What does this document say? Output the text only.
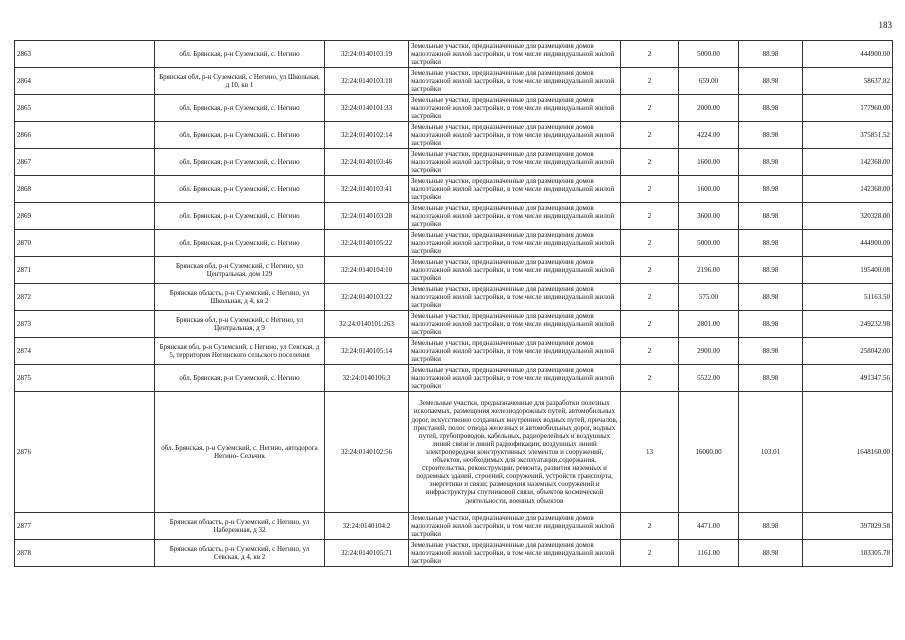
183
2863	обл. Брянская, р-н Суземский, с. Негино	32:24:0140103:19	Земельные участки, предназначенные для размещения домов малоэтажной жилой застройки, в том числе индивидуальной жилой застройки	2	5000.00	88.98	444900.00
2864	Брянская обл, р-н Суземский, с Негино, ул Школьная, д 10, кв 1	32:24:0140103:18	Земельные участки, предназначенные для размещения домов малоэтажной жилой застройки, в том числе индивидуальной жилой застройки	2	659.00	88.98	58637.82
2865	обл. Брянская, р-н Суземский, с. Негино	32:24:0140101:33	Земельные участки, предназначенные для размещения домов малоэтажной жилой застройки, в том числе индивидуальной жилой застройки	2	2000.00	88.98	177960.00
2866	обл. Брянская, р-н Суземский, с. Негино	32:24:0140102:14	Земельные участки, предназначенные для размещения домов малоэтажной жилой застройки, в том числе индивидуальной жилой застройки	2	4224.00	88.98	375851.52
2867	обл. Брянская, р-н Суземский, с. Негино	32:24:0140103:46	Земельные участки, предназначенные для размещения домов малоэтажной жилой застройки, в том числе индивидуальной жилой застройки	2	1600.00	88.98	142368.00
2868	обл. Брянская, р-н Суземский, с. Негино	32:24:0140103:41	Земельные участки, предназначенные для размещения домов малоэтажной жилой застройки, в том числе индивидуальной жилой застройки	2	1600.00	88.98	142368.00
2869	обл. Брянская, р-н Суземский, с. Негино	32:24:0140103:28	Земельные участки, предназначенные для размещения домов малоэтажной жилой застройки, в том числе индивидуальной жилой застройки	2	3600.00	88.98	320328.00
2870	обл. Брянская, р-н Суземский, с. Негино	32:24:0140105:22	Земельные участки, предназначенные для размещения домов малоэтажной жилой застройки, в том числе индивидуальной жилой застройки	2	5000.00	88.98	444900.00
2871	Брянская обл, р-н Суземский, с Негино, ул Центральная, дом 129	32:24:0140104:10	Земельные участки, предназначенные для размещения домов малоэтажной жилой застройки, в том числе индивидуальной жилой застройки	2	2196.00	88.98	195400.08
2872	Брянская область, р-н Суземский, с Негино, ул Школьная, д 4, кв 2	32:24:0140103:22	Земельные участки, предназначенные для размещения домов малоэтажной жилой застройки, в том числе индивидуальной жилой застройки	2	575.00	88.98	51163.50
2873	Брянская обл, р-н Суземский, с Негино, ул Центральная, д 9	32:24:0140101:263	Земельные участки, предназначенные для размещения домов малоэтажной жилой застройки, в том числе индивидуальной жилой застройки	2	2801.00	88.98	249232.98
2874	Брянская обл, р-н Суземский, с Негино, ул Севская, д 5, территория Негинского сельского поселения	32:24:0140105:14	Земельные участки, предназначенные для размещения домов малоэтажной жилой застройки, в том числе индивидуальной жилой застройки	2	2900.00	88.98	258042.00
2875	обл. Брянская, р-н Суземский, с. Негино	32:24:0140106:3	Земельные участки, предназначенные для размещения домов малоэтажной жилой застройки, в том числе индивидуальной жилой застройки	2	5522.00	88.98	491347.56
2876	обл. Брянская, р-н Суземский, с. Негино, автодорога Негино- Сельчик	32:24:0140102:56	Земельные участки, предназначенные для разработки полезных ископаемых, размещения железнодорожных путей, автомобильных дорог, искусственно созданных внутренних водных путей, причалов, пристаней, полос отвода железных и автомобильных дорог, водных путей, трубопроводов, кабельных, радиорелейных и воздушных линий связи и линий радиофикации, воздушных линий электропередачи конструктивных элементов и сооружений, объектов, необходимых для эксплуатации,содержания, строительства, реконструкции, ремонта, развития наземных и подземных зданий, строений, сооружений, устройств транспорта, энергетики и связи; размещения наземных сооружений и инфраструктуры спутниковой связи, объектов космической деятельности, военных объектов	13	16000.00	103.01	1648160.00
2877	Брянская область, р-н Суземский, с Негино, ул Набережная, д 32	32:24:0140104:2	Земельные участки, предназначенные для размещения домов малоэтажной жилой застройки, в том числе индивидуальной жилой застройки	2	4471.00	88.98	397829.58
2878	Брянская область, р-н Суземский, с Негино, ул Севская, д 4, кв 2	32:24:0140105:71	Земельные участки, предназначенные для размещения домов малоэтажной жилой застройки, в том числе индивидуальной жилой застройки	2	1161.00	88.98	103305.78
